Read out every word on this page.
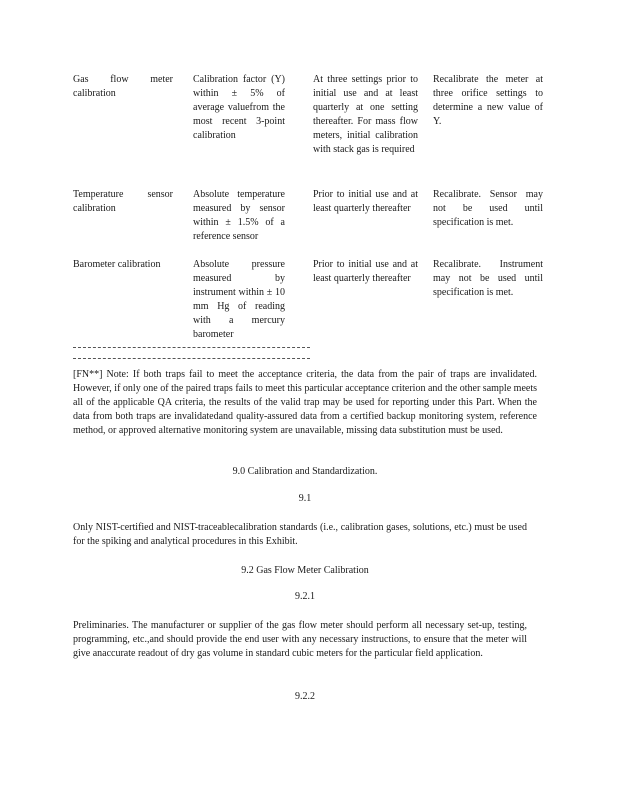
Gas flow meter calibration
Calibration factor (Y) within ± 5% of average valuefrom the most recent 3-point calibration
At three settings prior to initial use and at least quarterly at one setting thereafter. For mass flow meters, initial calibration with stack gas is required
Recalibrate the meter at three orifice settings to determine a new value of Y.
Temperature sensor calibration
Absolute temperature measured by sensor within ± 1.5% of a reference sensor
Prior to initial use and at least quarterly thereafter
Recalibrate. Sensor may not be used until specification is met.
Barometer calibration	Absolute pressure measured by instrument within ± 10 mm Hg of reading with a mercury barometer
Prior to initial use and at least quarterly thereafter
Recalibrate. Instrument may not be used until specification is met.
[FN**] Note: If both traps fail to meet the acceptance criteria, the data from the pair of traps are invalidated. However, if only one of the paired traps fails to meet this particular acceptance criterion and the other sample meets all of the applicable QA criteria, the results of the valid trap may be used for reporting under this Part. When the data from both traps are invalidatedand quality-assured data from a certified backup monitoring system, reference method, or approved alternative monitoring system are unavailable, missing data substitution must be used.
9.0 Calibration and Standardization.
9.1
Only NIST-certified and NIST-traceablecalibration standards (i.e., calibration gases, solutions, etc.) must be used for the spiking and analytical procedures in this Exhibit.
9.2 Gas Flow Meter Calibration
9.2.1
Preliminaries. The manufacturer or supplier of the gas flow meter should perform all necessary set-up, testing, programming, etc.,and should provide the end user with any necessary instructions, to ensure that the meter will give anaccurate readout of dry gas volume in standard cubic meters for the particular field application.
9.2.2
